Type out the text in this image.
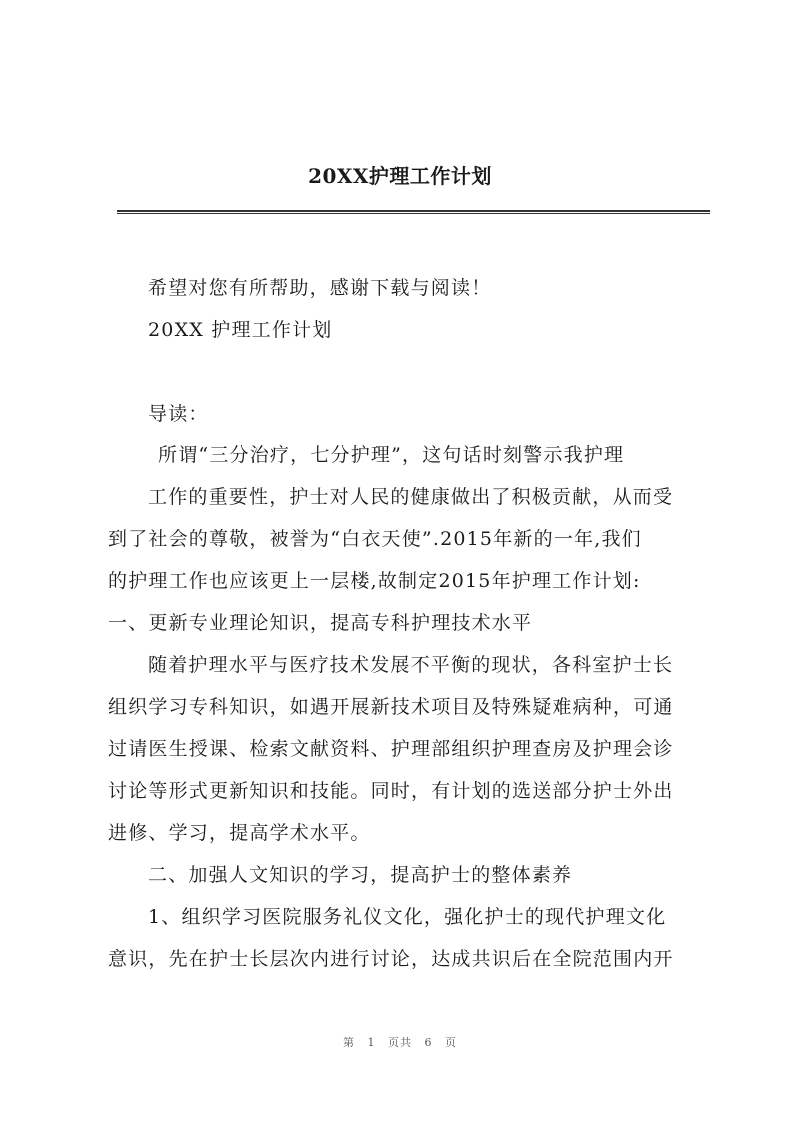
20XX护理工作计划
希望对您有所帮助，感谢下载与阅读！
20XX 护理工作计划
导读：
所谓“三分治疗，七分护理”，这句话时刻警示我护理
工作的重要性，护士对人民的健康做出了积极贡献，从而受
到了社会的尊敬，被誉为“白衣天使”.2015年新的一年,我们
的护理工作也应该更上一层楼,故制定2015年护理工作计划:
一、更新专业理论知识，提高专科护理技术水平
随着护理水平与医疗技术发展不平衡的现状，各科室护士长
组织学习专科知识，如遇开展新技术项目及特殊疑难病种，可通
过请医生授课、检索文献资料、护理部组织护理查房及护理会诊
讨论等形式更新知识和技能。同时，有计划的选送部分护士外出
进修、学习，提高学术水平。
二、加强人文知识的学习，提高护士的整体素养
1、组织学习医院服务礼仪文化，强化护士的现代护理文化
意识，先在护士长层次内进行讨论，达成共识后在全院范围内开
第 1 页共 6 页
